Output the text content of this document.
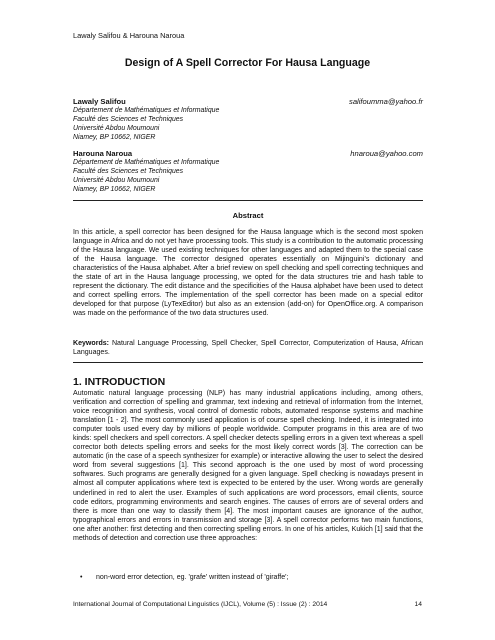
Lawaly Salifou & Harouna Naroua
Design of A Spell Corrector For Hausa Language
Lawaly Salifou	salifoumma@yahoo.fr
Département de Mathématiques et Informatique
Faculté des Sciences et Techniques
Université Abdou Moumouni
Niamey, BP 10662, NIGER
Harouna Naroua	hnaroua@yahoo.com
Département de Mathématiques et Informatique
Faculté des Sciences et Techniques
Université Abdou Moumouni
Niamey, BP 10662, NIGER
Abstract

In this article, a spell corrector has been designed for the Hausa language which is the second most spoken language in Africa and do not yet have processing tools. This study is a contribution to the automatic processing of the Hausa language. We used existing techniques for other languages and adapted them to the special case of the Hausa language. The corrector designed operates essentially on Mijinguini’s dictionary and characteristics of the Hausa alphabet. After a brief review on spell checking and spell correcting techniques and the state of art in the Hausa language processing, we opted for the data structures trie and hash table to represent the dictionary. The edit distance and the specificities of the Hausa alphabet have been used to detect and correct spelling errors. The implementation of the spell corrector has been made on a special editor developed for that purpose (LyTexEditor) but also as an extension (add-on) for OpenOffice.org. A comparison was made on the performance of the two data structures used.

Keywords: Natural Language Processing, Spell Checker, Spell Corrector, Computerization of Hausa, African Languages.

1. INTRODUCTION

Automatic natural language processing (NLP) has many industrial applications including, among others, verification and correction of spelling and grammar, text indexing and retrieval of information from the Internet, voice recognition and synthesis, vocal control of domestic robots, automated response systems and machine translation [1 - 2]. The most commonly used application is of course spell checking. Indeed, it is integrated into computer tools used every day by millions of people worldwide. Computer programs in this area are of two kinds: spell checkers and spell correctors. A spell checker detects spelling errors in a given text whereas a spell corrector both detects spelling errors and seeks for the most likely correct words [3]. The correction can be automatic (in the case of a speech synthesizer for example) or interactive allowing the user to select the desired word from several suggestions [1]. This second approach is the one used by most of word processing softwares. Such programs are generally designed for a given language. Spell checking is nowadays present in almost all computer applications where text is expected to be entered by the user. Wrong words are generally underlined in red to alert the user. Examples of such applications are word processors, email clients, source code editors, programming environments and search engines. The causes of errors are of several orders and there is more than one way to classify them [4]. The most important causes are ignorance of the author, typographical errors and errors in transmission and storage [3]. A spell corrector performs two main functions, one after another: first detecting and then correcting spelling errors. In one of his articles, Kukich [1] said that the methods of detection and correction use three approaches:

• non-word error detection, eg. 'grafe' written instead of 'giraffe';
International Journal of Computational Linguistics (IJCL), Volume (5) : Issue (2) : 2014	14
